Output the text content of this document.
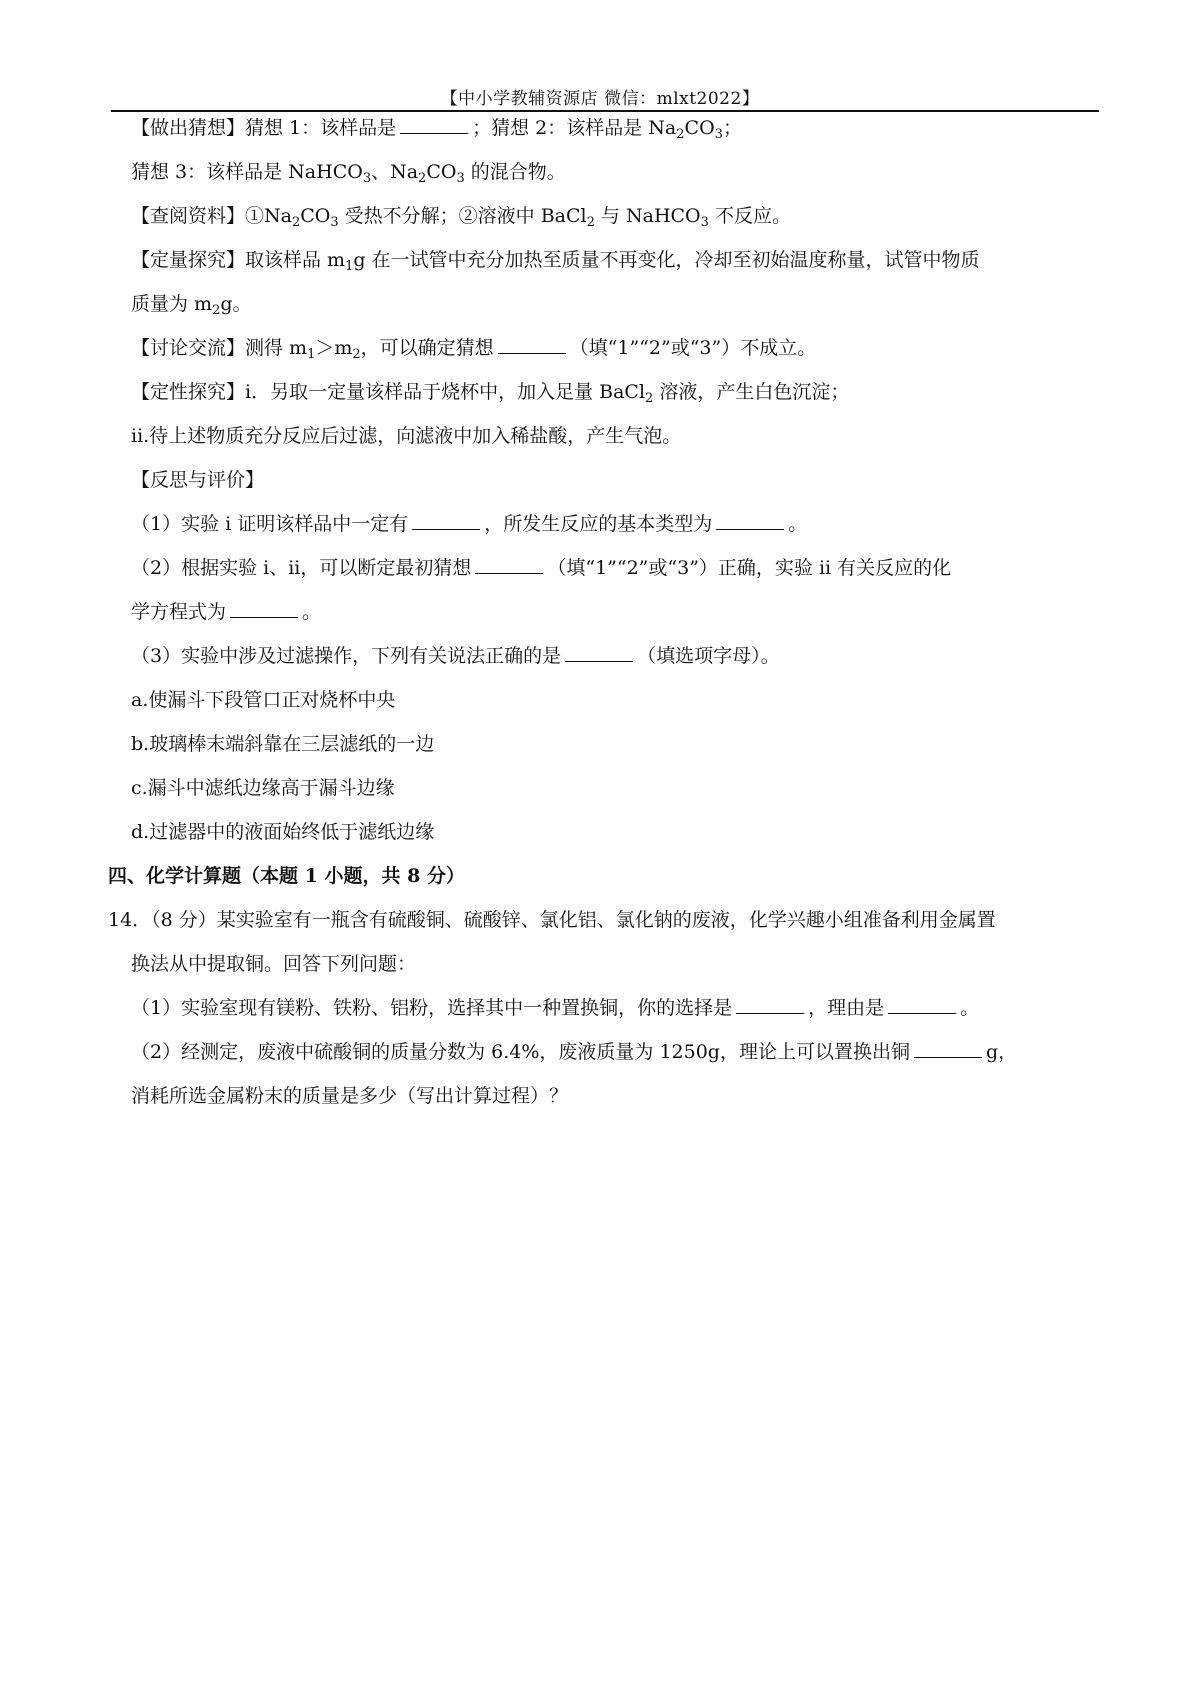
【中小学教辅资源店 微信：mlxt2022】
【做出猜想】猜想 1：该样品是	；猜想 2：该样品是 $Na_2CO_3$；
猜想 3：该样品是 NaHCO$_3$、$Na_2CO_3$ 的混合物。
【查阅资料】$①Na_2CO_3$ 受热不分解；②溶液中 BaCl$_2$ 与 NaHCO$_3$ 不反应。
【定量探究】取该样品 $m_1g$ 在一试管中充分加热至质量不再变化，冷却至初始温度称量，试管中物质
质量为 $m_2g$。
【讨论交流】测得 $m_1>m_2$，可以确定猜想	（填“1”“2”或“3”）不成立。
【定性探究】i．另取一定量该样品于烧杯中，加入足量 BaCl$_2$ 溶液，产生白色沉淀；
ii.待上述物质充分反应后过滤，向滤液中加入稀盐酸，产生气泡。
【反思与评价】
（1）实验 i 证明该样品中一定有	，所发生反应的基本类型为	。
（2）根据实验 i、ii，可以断定最初猜想	（填“1”“2”或“3”）正确，实验 ii 有关反应的化
学方程式为	。
（3）实验中涉及过滤操作，下列有关说法正确的是	（填选项字母）。
a.使漏斗下段管口正对烧杯中央
b.玻璃棒末端斜靠在三层滤纸的一边
c.漏斗中滤纸边缘高于漏斗边缘
d.过滤器中的液面始终低于滤纸边缘
四、化学计算题（本题 1 小题，共 8 分）
14．（8 分）某实验室有一瓶含有硫酸铜、硫酸锌、氯化铝、氯化钠的废液，化学兴趣小组准备利用金属置
换法从中提取铜。回答下列问题：
（1）实验室现有镁粉、铁粉、铝粉，选择其中一种置换铜，你的选择是	，理由是	。
（2）经测定，废液中硫酸铜的质量分数为 6.4%，废液质量为 1250g，理论上可以置换出铜	g，
消耗所选金属粉末的质量是多少（写出计算过程）？
